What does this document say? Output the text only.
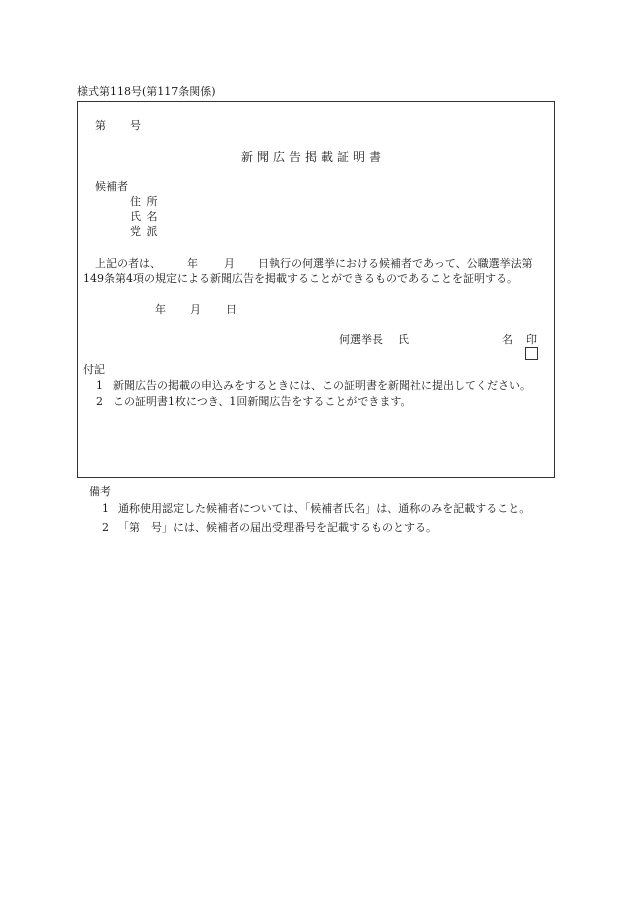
様式第118号(第117条関係)
第 号
新聞広告掲載証明書
候補者
住 所
氏 名
党 派
上記の者は、 年 月 日執行の何選挙における候補者であって、公職選挙法第
149条第4項の規定による新聞広告を掲載することができるものであることを証明する。
年 月 日
何選挙長 氏	名 印
付記
1 新聞広告の掲載の申込みをするときには、この証明書を新聞社に提出してください。
2 この証明書1枚につき、1回新聞広告をすることができます。
備考
1 通称使用認定した候補者については、「候補者氏名」は、通称のみを記載すること。
2 「第　号」には、候補者の届出受理番号を記載するものとする。
